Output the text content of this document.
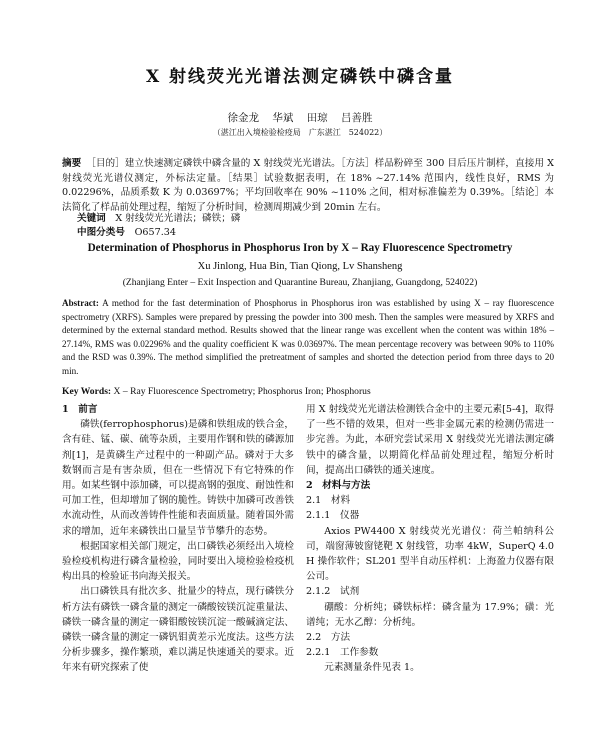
X 射线荧光光谱法测定磷铁中磷含量
徐金龙 华斌 田琼 吕善胜
（湛江出入境检验检疫局　广东湛江　524022）
摘要　 ［目的］建立快速测定磷铁中磷含量的 X 射线荧光光谱法。［方法］样品粉碎至 300 目后压片制样，直接用 X 射线荧光光谱仪测定，外标法定量。［结果］试验数据表明，在 18% ~27.14% 范围内，线性良好，RMS 为 0.02296%，品质系数 K 为 0.03697%；平均回收率在 90% ~110% 之间，相对标准偏差为 0.39%。［结论］本法简化了样品前处理过程，缩短了分析时间，检测周期减少到 20min 左右。
关键词　 X 射线荧光光谱法；磷铁；磷
中图分类号　 O657.34
Determination of Phosphorus in Phosphorus Iron by X – Ray Fluorescence Spectrometry
Xu Jinlong, Hua Bin, Tian Qiong, Lv Shansheng
(Zhanjiang Enter – Exit Inspection and Quarantine Bureau, Zhanjiang, Guangdong, 524022)
Abstract: A method for the fast determination of Phosphorus in Phosphorus iron was established by using X – ray fluorescence spectrometry (XRFS). Samples were prepared by pressing the powder into 300 mesh. Then the samples were measured by XRFS and determined by the external standard method. Results showed that the linear range was excellent when the content was within 18% – 27.14%, RMS was 0.02296% and the quality coefficient K was 0.03697%. The mean percentage recovery was between 90% to 110% and the RSD was 0.39%. The method simplified the pretreatment of samples and shorted the detection period from three days to 20 min.
Key Words: X – Ray Fluorescence Spectrometry; Phosphorus Iron; Phosphorus

1　前言

磷铁(ferrophosphorus)是磷和铁组成的铁合金，含有硅、锰、碳、硫等杂质，主要用作钢和铁的磷源加剂[1]，是黄磷生产过程中的一种副产品。磷对于大多数钢而言是有害杂质，但在一些情况下有它特殊的作用。如某些钢中添加磷，可以提高钢的强度、耐蚀性和可加工性，但却增加了钢的脆性。铸铁中加磷可改善铁水流动性，从而改善铸件性能和表面质量。随着国外需求的增加，近年来磷铁出口量呈节节攀升的态势。

根据国家相关部门规定，出口磷铁必须经出入境检验检疫机构进行磷含量检验，同时要出入境检验检疫机构出具的检验证书向海关报关。

出口磷铁具有批次多、批量少的特点，现行磷铁分析方法有磷铁一磷含量的测定一磷酸铵镁沉淀重量法、磷铁一磷含量的测定一磷钼酸铵镁沉淀一酸碱滴定法、磷铁一磷含量的测定一磷钒钼黄差示光度法。这些方法分析步骤多，操作繁琐，难以满足快速通关的要求。近年来有研究探索了使

用 X 射线荧光光谱法检测铁合金中的主要元素[5-4]，取得了一些不错的效果，但对一些非金属元素的检测仍需进一步完善。为此，本研究尝试采用 X 射线荧光光谱法测定磷铁中的磷含量，以期简化样品前处理过程，缩短分析时间，提高出口磷铁的通关速度。

2　材料与方法

2.1　材料

2.1.1　仪器

Axios PW4400 X 射线荧光光谱仪：荷兰帕纳科公司，端窗薄铍窗铑靶 X 射线管，功率 4kW，SuperQ 4.0 H 操作软件；SL201 型半自动压样机：上海盈力仪器有限公司。

2.1.2　试剂

硼酸：分析纯；磷铁标样：磷含量为 17.9%；磺：光谱纯；无水乙醇：分析纯。

2.2　方法

2.2.1　工作参数

元素测量条件见表 1。
